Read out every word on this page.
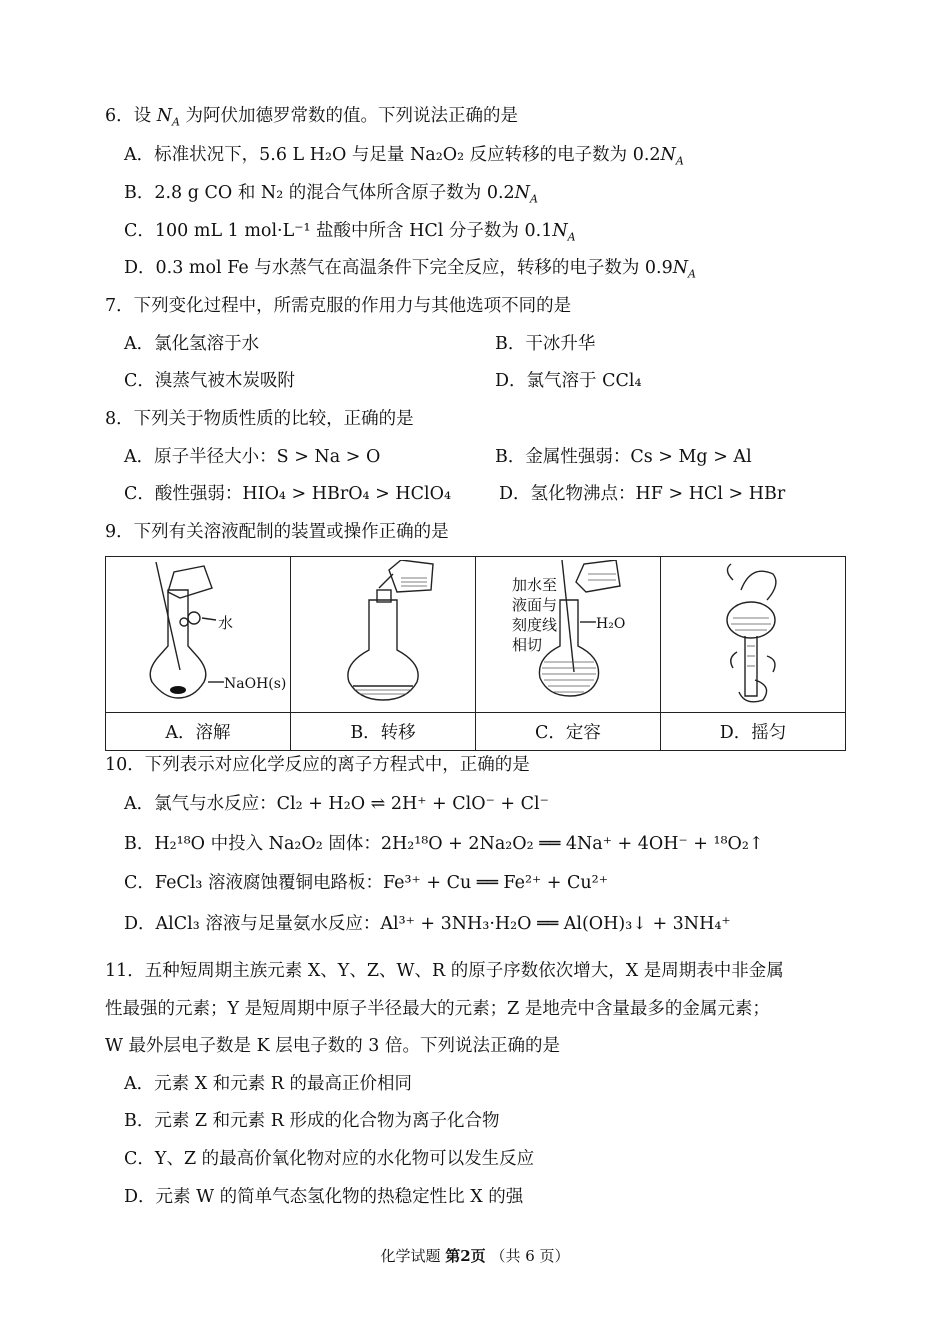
6．设 $N_A$ 为阿伏加德罗常数的值。下列说法正确的是
A．标准状况下，5.6 L H₂O 与足量 Na₂O₂ 反应转移的电子数为 $0.2N_A$
B．2.8 g CO 和 N₂ 的混合气体所含原子数为 $0.2N_A$
C．100 mL 1 mol·L⁻¹ 盐酸中所含 HCl 分子数为 $0.1N_A$
D．0.3 mol Fe 与水蒸气在高温条件下完全反应，转移的电子数为 $0.9N_A$
7．下列变化过程中，所需克服的作用力与其他选项不同的是
A．氯化氢溶于水	B．干冰升华
C．溴蒸气被木炭吸附	D．氯气溶于 CCl₄
8．下列关于物质性质的比较，正确的是
A．原子半径大小：S > Na > O	B．金属性强弱：Cs > Mg > Al
C．酸性强弱：HIO₄ > HBrO₄ > HClO₄	D．氢化物沸点：HF > HCl > HBr
9．下列有关溶液配制的装置或操作正确的是
水
NaOH(s)		加水至
液面与
刻度线
相切
H₂O

A．溶解	B．转移	C．定容	D．摇匀
10．下列表示对应化学反应的离子方程式中，正确的是
A．氯气与水反应：Cl₂ + H₂O ⇌ 2H⁺ + ClO⁻ + Cl⁻
B．H₂¹⁸O 中投入 Na₂O₂ 固体：2H₂¹⁸O + 2Na₂O₂ ══ 4Na⁺ + 4OH⁻ + ¹⁸O₂↑
C．FeCl₃ 溶液腐蚀覆铜电路板：Fe³⁺ + Cu ══ Fe²⁺ + Cu²⁺
D．AlCl₃ 溶液与足量氨水反应：Al³⁺ + 3NH₃·H₂O ══ Al(OH)₃↓ + 3NH₄⁺
11．五种短周期主族元素 X、Y、Z、W、R 的原子序数依次增大，X 是周期表中非金属
性最强的元素；Y 是短周期中原子半径最大的元素；Z 是地壳中含量最多的金属元素；
W 最外层电子数是 K 层电子数的 3 倍。下列说法正确的是
A．元素 X 和元素 R 的最高正价相同
B．元素 Z 和元素 R 形成的化合物为离子化合物
C．Y、Z 的最高价氧化物对应的水化物可以发生反应
D．元素 W 的简单气态氢化物的热稳定性比 X 的强
化学试题 第2页 （共 6 页）
